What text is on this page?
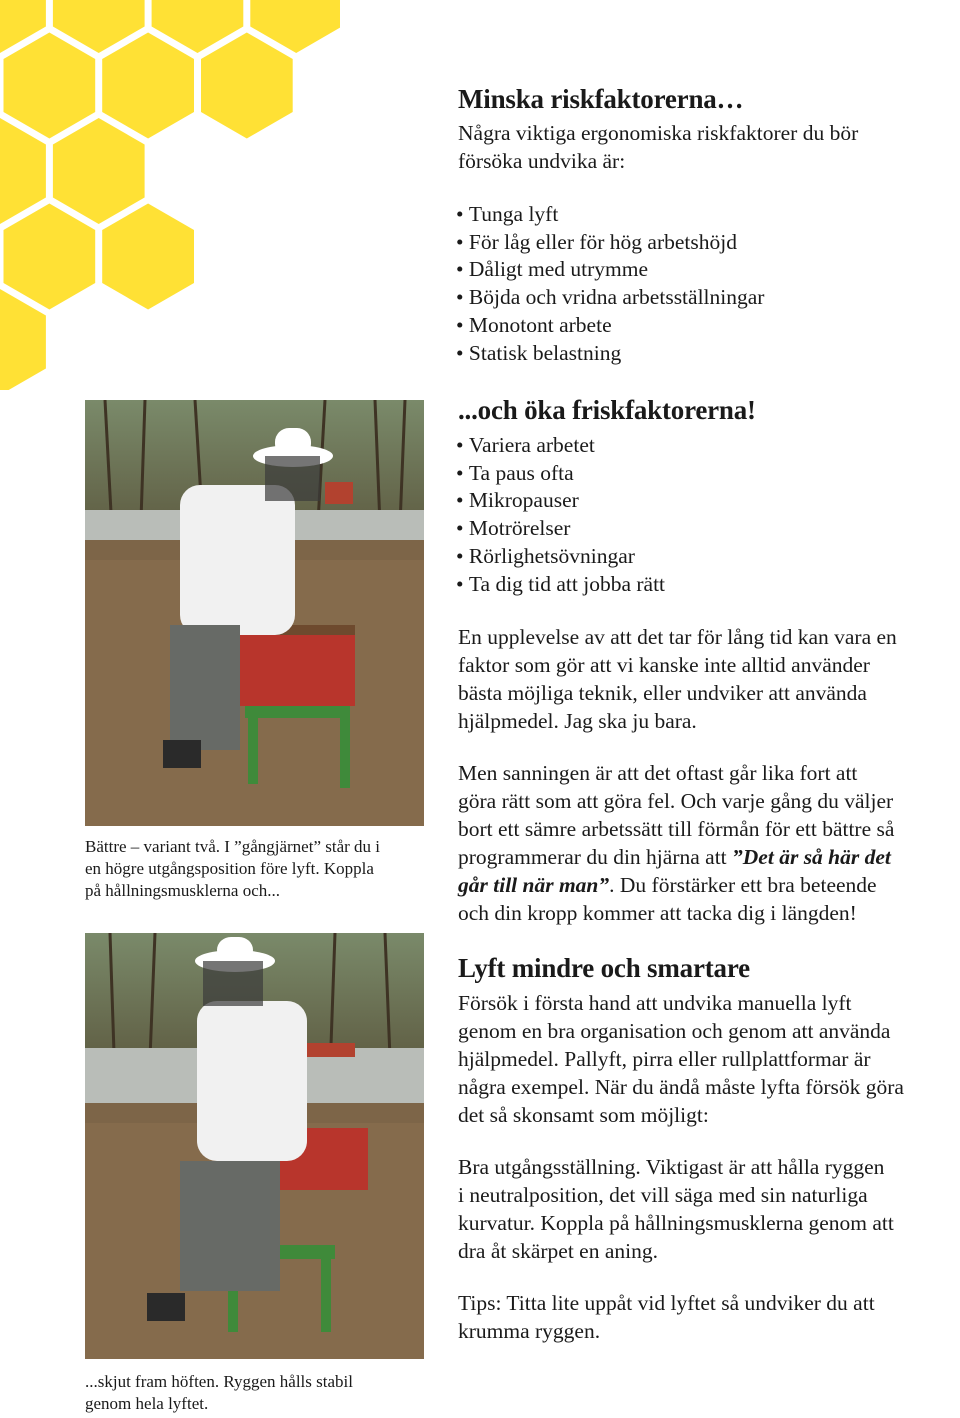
Minska riskfaktorerna…

Några viktiga ergonomiska riskfaktorer du bör

försöka undvika är:

• Tunga lyft
• För låg eller för hög arbetshöjd
• Dåligt med utrymme
• Böjda och vridna arbetsställningar
• Monotont arbete
• Statisk belastning
...och öka friskfaktorerna!
• Variera arbetet
• Ta paus ofta
• Mikropauser
• Motrörelser
• Rörlighetsövningar
• Ta dig tid att jobba rätt

En upplevelse av att det tar för lång tid kan vara en

faktor som gör att vi kanske inte alltid använder

bästa möjliga teknik, eller undviker att använda

hjälpmedel. Jag ska ju bara.

Men sanningen är att det oftast går lika fort att

göra rätt som att göra fel. Och varje gång du väljer

bort ett sämre arbetssätt till förmån för ett bättre så

programmerar du din hjärna att ”Det är så här det

går till när man”. Du förstärker ett bra beteende

och din kropp kommer att tacka dig i längden!

Lyft mindre och smartare

Försök i första hand att undvika manuella lyft

genom en bra organisation och genom att använda

hjälpmedel. Pallyft, pirra eller rullplattformar är

några exempel. När du ändå måste lyfta försök göra

det så skonsamt som möjligt:

Bra utgångsställning. Viktigast är att hålla ryggen

i neutralposition, det vill säga med sin naturliga

kurvatur. Koppla på hållningsmusklerna genom att

dra åt skärpet en aning.

Tips: Titta lite uppåt vid lyftet så undviker du att

krumma ryggen.

Bättre – variant två. I ”gångjärnet” står du i

en högre utgångsposition före lyft. Koppla

på hållningsmusklerna och...

...skjut fram höften. Ryggen hålls stabil

genom hela lyftet.
